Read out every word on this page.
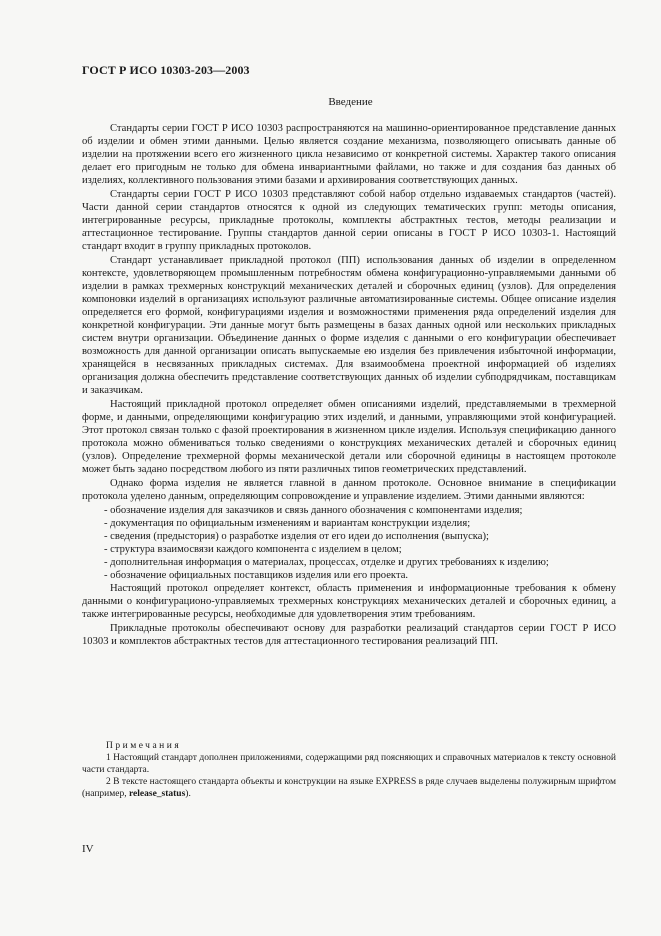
ГОСТ Р ИСО 10303-203—2003
Введение

Стандарты серии ГОСТ Р ИСО 10303 распространяются на машинно-ориентированное представление данных об изделии и обмен этими данными. Целью является создание механизма, позволяющего описывать данные об изделии на протяжении всего его жизненного цикла независимо от конкретной системы. Характер такого описания делает его пригодным не только для обмена инвариантными файлами, но также и для создания баз данных об изделиях, коллективного пользования этими базами и архивирования соответствующих данных.

Стандарты серии ГОСТ Р ИСО 10303 представляют собой набор отдельно издаваемых стандартов (частей). Части данной серии стандартов относятся к одной из следующих тематических групп: методы описания, интегрированные ресурсы, прикладные протоколы, комплекты абстрактных тестов, методы реализации и аттестационное тестирование. Группы стандартов данной серии описаны в ГОСТ Р ИСО 10303-1. Настоящий стандарт входит в группу прикладных протоколов.

Стандарт устанавливает прикладной протокол (ПП) использования данных об изделии в определенном контексте, удовлетворяющем промышленным потребностям обмена конфигурационно-управляемыми данными об изделии в рамках трехмерных конструкций механических деталей и сборочных единиц (узлов). Для определения компоновки изделий в организациях используют различные автоматизированные системы. Общее описание изделия определяется его формой, конфигурациями изделия и возможностями применения ряда определений изделия для конкретной конфигурации. Эти данные могут быть размещены в базах данных одной или нескольких прикладных систем внутри организации. Объединение данных о форме изделия с данными о его конфигурации обеспечивает возможность для данной организации описать выпускаемые ею изделия без привлечения избыточной информации, хранящейся в несвязанных прикладных системах. Для взаимообмена проектной информацией об изделиях организация должна обеспечить представление соответствующих данных об изделии субподрядчикам, поставщикам и заказчикам.

Настоящий прикладной протокол определяет обмен описаниями изделий, представляемыми в трехмерной форме, и данными, определяющими конфигурацию этих изделий, и данными, управляющими этой конфигурацией. Этот протокол связан только с фазой проектирования в жизненном цикле изделия. Используя спецификацию данного протокола можно обмениваться только сведениями о конструкциях механических деталей и сборочных единиц (узлов). Определение трехмерной формы механической детали или сборочной единицы в настоящем протоколе может быть задано посредством любого из пяти различных типов геометрических представлений.

Однако форма изделия не является главной в данном протоколе. Основное внимание в спецификации протокола уделено данным, определяющим сопровождение и управление изделием. Этими данными являются:

- обозначение изделия для заказчиков и связь данного обозначения с компонентами изделия;

- документация по официальным изменениям и вариантам конструкции изделия;

- сведения (предыстория) о разработке изделия от его идеи до исполнения (выпуска);

- структура взаимосвязи каждого компонента с изделием в целом;

- дополнительная информация о материалах, процессах, отделке и других требованиях к изделию;

- обозначение официальных поставщиков изделия или его проекта.

Настоящий протокол определяет контекст, область применения и информационные требования к обмену данными о конфигурационо-управляемых трехмерных конструкциях механических деталей и сборочных единиц, а также интегрированные ресурсы, необходимые для удовлетворения этим требованиям.

Прикладные протоколы обеспечивают основу для разработки реализаций стандартов серии ГОСТ Р ИСО 10303 и комплектов абстрактных тестов для аттестационного тестирования реализаций ПП.

Примечания

1 Настоящий стандарт дополнен приложениями, содержащими ряд поясняющих и справочных материалов к тексту основной части стандарта.

2 В тексте настоящего стандарта объекты и конструкции на языке EXPRESS в ряде случаев выделены полужирным шрифтом (например, release_status).

IV
